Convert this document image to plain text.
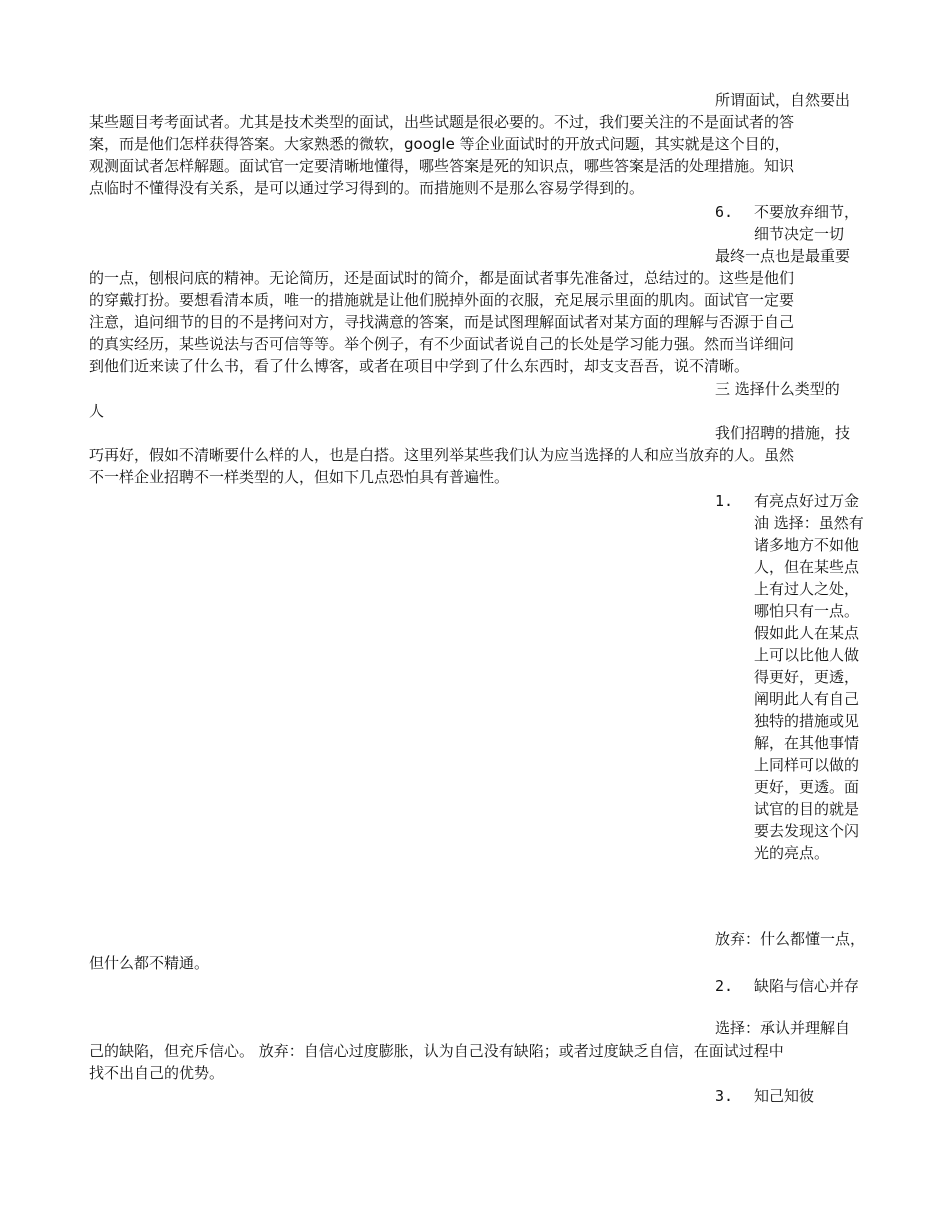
所谓面试，自然要出
某些题目考考面试者。尤其是技术类型的面试，出些试题是很必要的。不过，我们要关注的不是面试者的答
案，而是他们怎样获得答案。大家熟悉的微软，google 等企业面试时的开放式问题，其实就是这个目的，
观测面试者怎样解题。面试官一定要清晰地懂得，哪些答案是死的知识点，哪些答案是活的处理措施。知识
点临时不懂得没有关系，是可以通过学习得到的。而措施则不是那么容易学得到的。
6. 不要放弃细节，细节决定一切
最终一点也是最重要
的一点，刨根问底的精神。无论简历，还是面试时的简介，都是面试者事先准备过，总结过的。这些是他们
的穿戴打扮。要想看清本质，唯一的措施就是让他们脱掉外面的衣服，充足展示里面的肌肉。面试官一定要
注意，追问细节的目的不是拷问对方，寻找满意的答案，而是试图理解面试者对某方面的理解与否源于自己
的真实经历，某些说法与否可信等等。举个例子，有不少面试者说自己的长处是学习能力强。然而当详细问
到他们近来读了什么书，看了什么博客，或者在项目中学到了什么东西时，却支支吾吾，说不清晰。
三 选择什么类型的
人
我们招聘的措施，技
巧再好，假如不清晰要什么样的人，也是白搭。这里列举某些我们认为应当选择的人和应当放弃的人。虽然
不一样企业招聘不一样类型的人，但如下几点恐怕具有普遍性。
1. 有亮点好过万金油 选择：虽然有诸多地方不如他人，但在某些点上有过人之处，哪怕只有一点。假如此人在某点上可以比他人做得更好，更透，阐明此人有自己独特的措施或见解，在其他事情上同样可以做的更好，更透。面试官的目的就是要去发现这个闪光的亮点。
放弃：什么都懂一点，
但什么都不精通。
2. 缺陷与信心并存
选择：承认并理解自
己的缺陷，但充斥信心。 放弃：自信心过度膨胀，认为自己没有缺陷；或者过度缺乏自信，在面试过程中
找不出自己的优势。
3. 知己知彼
